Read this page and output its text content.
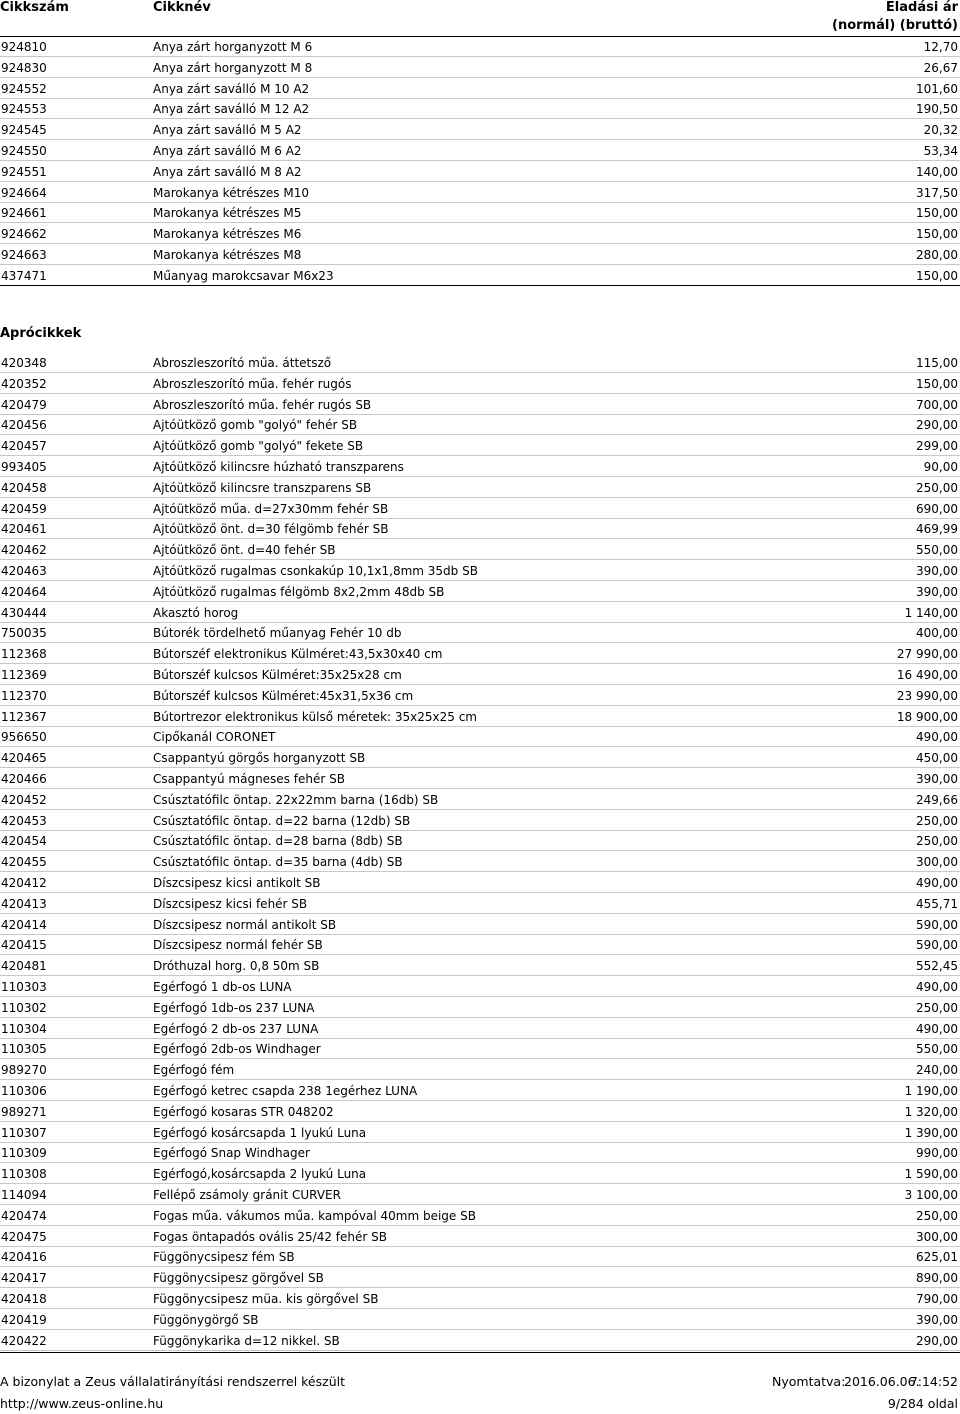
Cikkszám	Cikknév	Eladási ár
(normál) (bruttó)
924810	Anya zárt horganyzott M 6	12,70
924830	Anya zárt horganyzott M 8	26,67
924552	Anya zárt saválló M 10 A2	101,60
924553	Anya zárt saválló M 12 A2	190,50
924545	Anya zárt saválló M 5 A2	20,32
924550	Anya zárt saválló M 6 A2	53,34
924551	Anya zárt saválló M 8 A2	140,00
924664	Marokanya kétrészes M10	317,50
924661	Marokanya kétrészes M5	150,00
924662	Marokanya kétrészes M6	150,00
924663	Marokanya kétrészes M8	280,00
437471	Műanyag marokcsavar M6x23	150,00
Aprócikkek
420348	Abroszleszorító műa. áttetsző	115,00
420352	Abroszleszorító műa. fehér rugós	150,00
420479	Abroszleszorító műa. fehér rugós SB	700,00
420456	Ajtóütköző gomb "golyó" fehér SB	290,00
420457	Ajtóütköző gomb "golyó" fekete SB	299,00
993405	Ajtóütköző kilincsre húzható transzparens	90,00
420458	Ajtóütköző kilincsre transzparens SB	250,00
420459	Ajtóütköző műa. d=27x30mm fehér SB	690,00
420461	Ajtóütköző önt. d=30 félgömb fehér SB	469,99
420462	Ajtóütköző önt. d=40 fehér SB	550,00
420463	Ajtóütköző rugalmas csonkakúp 10,1x1,8mm 35db SB	390,00
420464	Ajtóütköző rugalmas félgömb 8x2,2mm 48db SB	390,00
430444	Akasztó horog	1 140,00
750035	Bútorék tördelhető műanyag Fehér 10 db	400,00
112368	Bútorszéf elektronikus Külméret:43,5x30x40 cm	27 990,00
112369	Bútorszéf kulcsos Külméret:35x25x28 cm	16 490,00
112370	Bútorszéf kulcsos Külméret:45x31,5x36 cm	23 990,00
112367	Bútortrezor elektronikus külső méretek: 35x25x25 cm	18 900,00
956650	Cipőkanál CORONET	490,00
420465	Csappantyú görgős horganyzott SB	450,00
420466	Csappantyú mágneses fehér SB	390,00
420452	Csúsztatófilc öntap. 22x22mm barna (16db) SB	249,66
420453	Csúsztatófilc öntap. d=22 barna (12db) SB	250,00
420454	Csúsztatófilc öntap. d=28 barna (8db) SB	250,00
420455	Csúsztatófilc öntap. d=35 barna (4db) SB	300,00
420412	Díszcsipesz kicsi antikolt SB	490,00
420413	Díszcsipesz kicsi fehér SB	455,71
420414	Díszcsipesz normál antikolt SB	590,00
420415	Díszcsipesz normál fehér SB	590,00
420481	Dróthuzal horg. 0,8 50m SB	552,45
110303	Egérfogó 1 db-os LUNA	490,00
110302	Egérfogó 1db-os 237 LUNA	250,00
110304	Egérfogó 2 db-os 237 LUNA	490,00
110305	Egérfogó 2db-os Windhager	550,00
989270	Egérfogó fém	240,00
110306	Egérfogó ketrec csapda 238 1egérhez LUNA	1 190,00
989271	Egérfogó kosaras STR 048202	1 320,00
110307	Egérfogó kosárcsapda 1 lyukú Luna	1 390,00
110309	Egérfogó Snap Windhager	990,00
110308	Egérfogó,kosárcsapda 2 lyukú Luna	1 590,00
114094	Fellépő zsámoly gránit CURVER	3 100,00
420474	Fogas műa. vákumos műa. kampóval 40mm beige SB	250,00
420475	Fogas öntapadós ovális 25/42 fehér SB	300,00
420416	Függönycsipesz fém SB	625,01
420417	Függönycsipesz görgővel SB	890,00
420418	Függönycsipesz müa. kis görgővel SB	790,00
420419	Függönygörgő SB	390,00
420422	Függönykarika d=12 nikkel. SB	290,00
A bizonylat a Zeus vállalatirányítási rendszerrel készült
http://www.zeus-online.hu
Nyomtatva:
2016.06.06.
7:14:52
9/284 oldal
